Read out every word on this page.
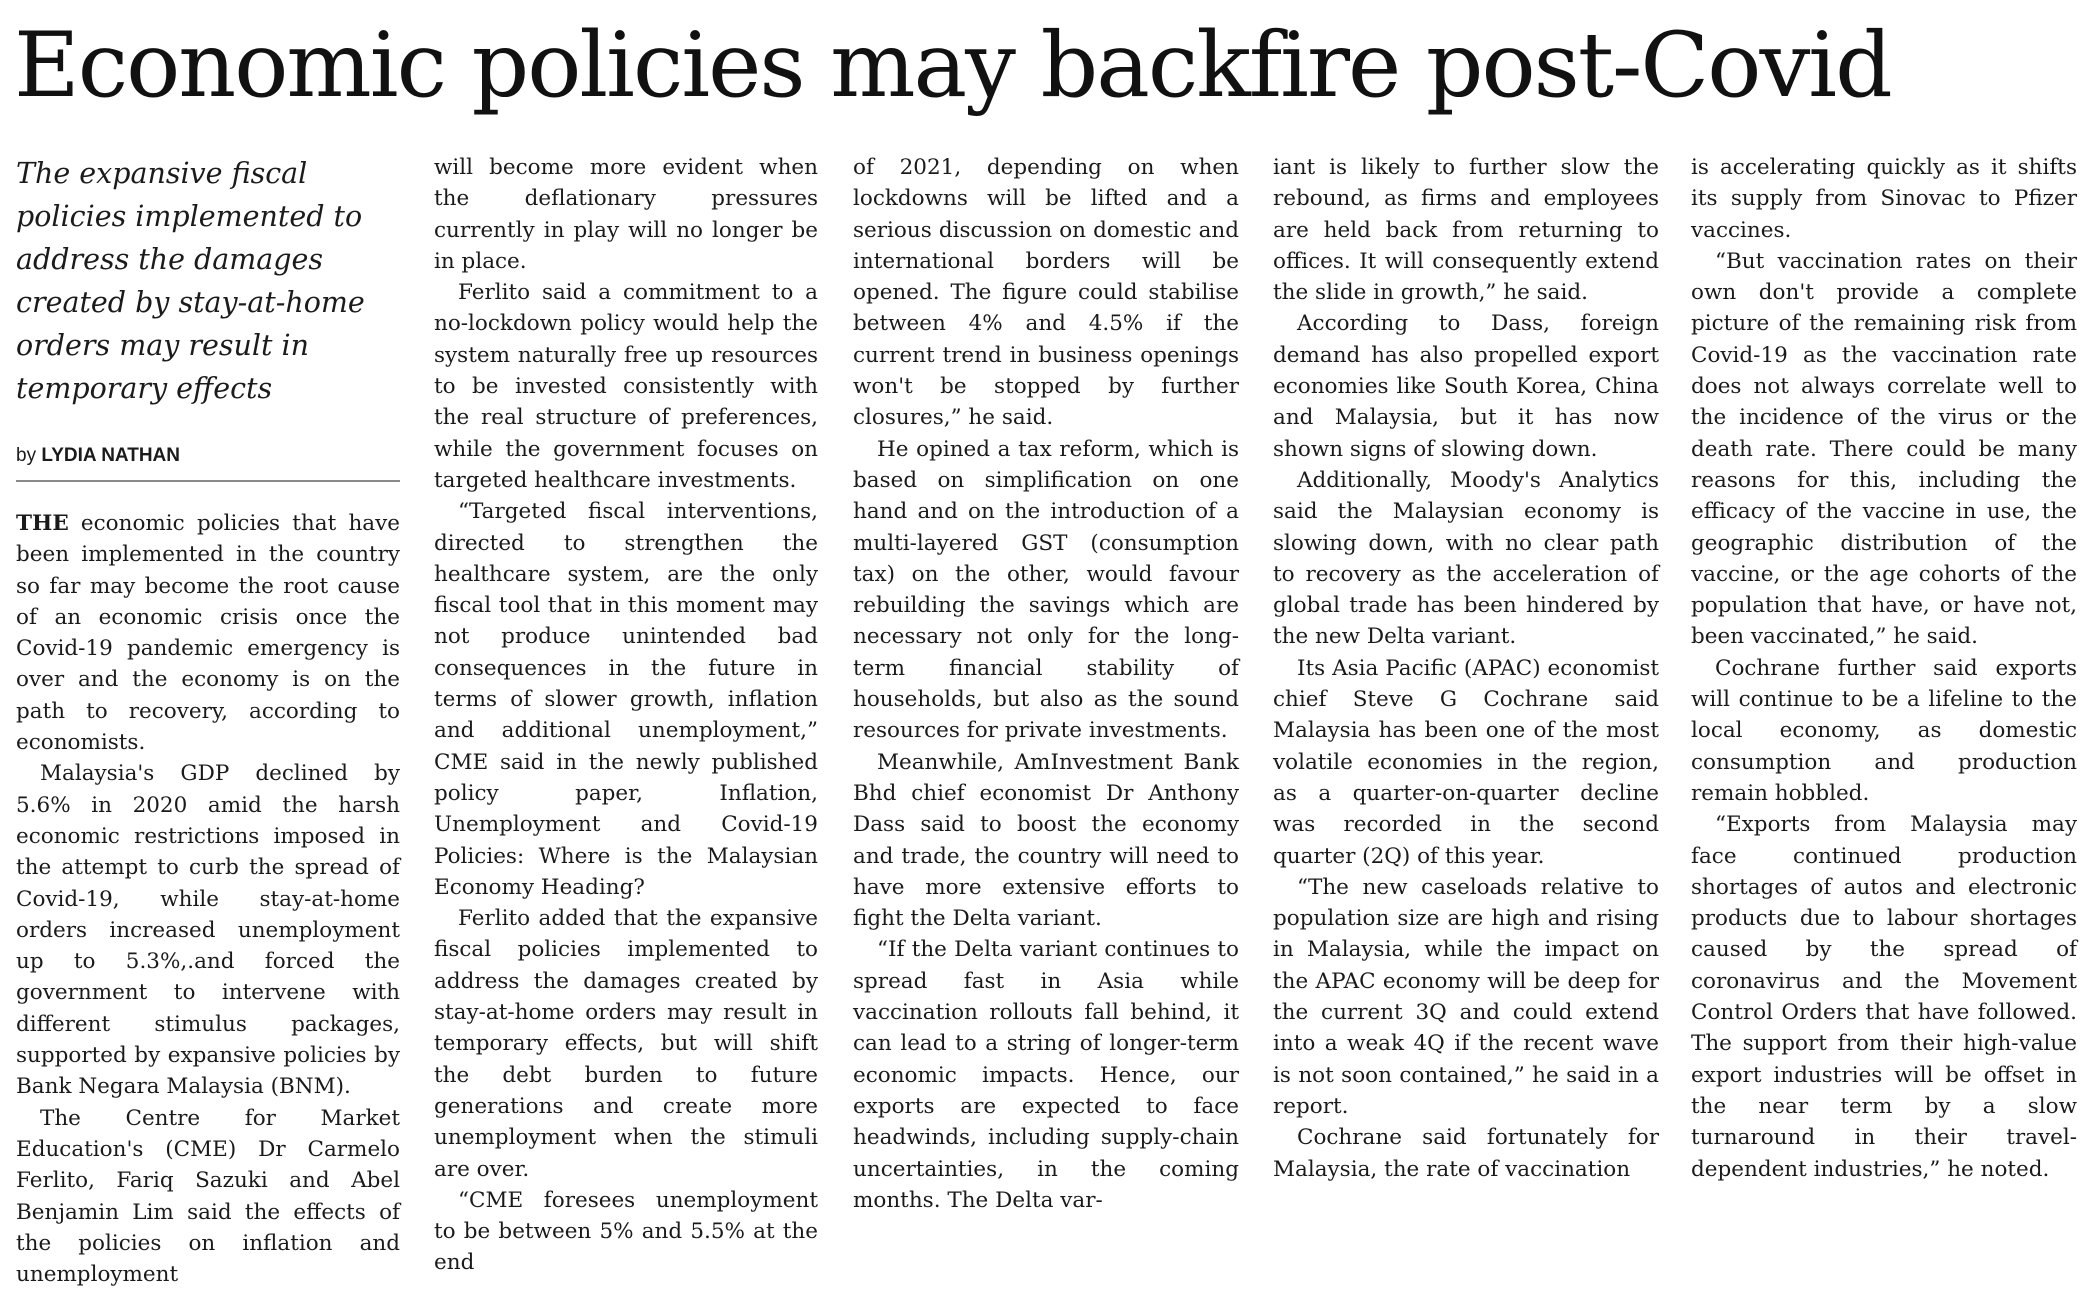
Economic policies may backfire post-Covid
The expansive fiscal policies implemented to address the damages created by stay-at-home orders may result in temporary effects
by LYDIA NATHAN

THE economic policies that have been implemented in the country so far may become the root cause of an economic crisis once the Covid-19 pandemic emergency is over and the economy is on the path to recovery, according to economists.

Malaysia's GDP declined by 5.6% in 2020 amid the harsh economic restrictions imposed in the attempt to curb the spread of Covid-19, while stay-at-home orders increased unemployment up to 5.3%,.and forced the government to intervene with different stimulus packages, supported by expansive policies by Bank Negara Malaysia (BNM).

The Centre for Market Education's (CME) Dr Carmelo Ferlito, Fariq Sazuki and Abel Benjamin Lim said the effects of the policies on inflation and unemployment

will become more evident when the deflationary pressures currently in play will no longer be in place.

Ferlito said a commitment to a no-lockdown policy would help the system naturally free up resources to be invested consistently with the real structure of preferences, while the government focuses on targeted healthcare investments.

“Targeted fiscal interventions, directed to strengthen the healthcare system, are the only fiscal tool that in this moment may not produce unintended bad consequences in the future in terms of slower growth, inflation and additional unemployment,” CME said in the newly published policy paper, Inflation, Unemployment and Covid-19 Policies: Where is the Malaysian Economy Heading?

Ferlito added that the expansive fiscal policies implemented to address the damages created by stay-at-home orders may result in temporary effects, but will shift the debt burden to future generations and create more unemployment when the stimuli are over.

“CME foresees unemployment to be between 5% and 5.5% at the end

of 2021, depending on when lockdowns will be lifted and a serious discussion on domestic and international borders will be opened. The figure could stabilise between 4% and 4.5% if the current trend in business openings won't be stopped by further closures,” he said.

He opined a tax reform, which is based on simplification on one hand and on the introduction of a multi-layered GST (consumption tax) on the other, would favour rebuilding the savings which are necessary not only for the long-term financial stability of households, but also as the sound resources for private investments.

Meanwhile, AmInvestment Bank Bhd chief economist Dr Anthony Dass said to boost the economy and trade, the country will need to have more extensive efforts to fight the Delta variant.

“If the Delta variant continues to spread fast in Asia while vaccination rollouts fall behind, it can lead to a string of longer-term economic impacts. Hence, our exports are expected to face headwinds, including supply-chain uncertainties, in the coming months. The Delta var-

iant is likely to further slow the rebound, as firms and employees are held back from returning to offices. It will consequently extend the slide in growth,” he said.

According to Dass, foreign demand has also propelled export economies like South Korea, China and Malaysia, but it has now shown signs of slowing down.

Additionally, Moody's Analytics said the Malaysian economy is slowing down, with no clear path to recovery as the acceleration of global trade has been hindered by the new Delta variant.

Its Asia Pacific (APAC) economist chief Steve G Cochrane said Malaysia has been one of the most volatile economies in the region, as a quarter-on-quarter decline was recorded in the second quarter (2Q) of this year.

“The new caseloads relative to population size are high and rising in Malaysia, while the impact on the APAC economy will be deep for the current 3Q and could extend into a weak 4Q if the recent wave is not soon contained,” he said in a report.

Cochrane said fortunately for Malaysia, the rate of vaccination

is accelerating quickly as it shifts its supply from Sinovac to Pfizer vaccines.

“But vaccination rates on their own don't provide a complete picture of the remaining risk from Covid-19 as the vaccination rate does not always correlate well to the incidence of the virus or the death rate. There could be many reasons for this, including the efficacy of the vaccine in use, the geographic distribution of the vaccine, or the age cohorts of the population that have, or have not, been vaccinated,” he said.

Cochrane further said exports will continue to be a lifeline to the local economy, as domestic consumption and production remain hobbled.

“Exports from Malaysia may face continued production shortages of autos and electronic products due to labour shortages caused by the spread of coronavirus and the Movement Control Orders that have followed. The support from their high-value export industries will be offset in the near term by a slow turnaround in their travel-dependent industries,” he noted.
